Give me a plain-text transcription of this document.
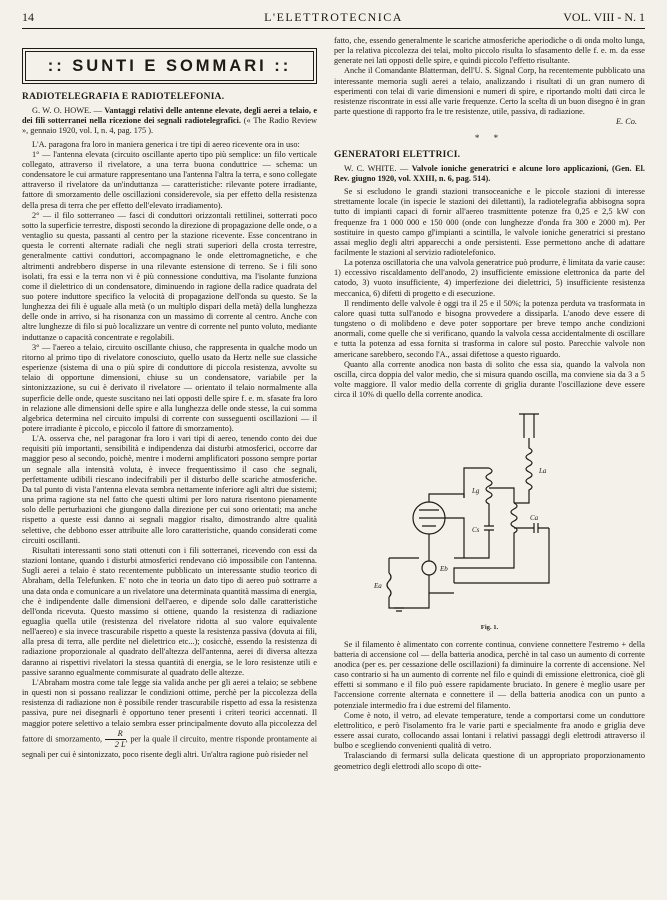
14	L'ELETTROTECNICA	VOL. VIII - N. 1
:: SUNTI E SOMMARI ::
RADIOTELEGRAFIA E RADIOTELEFONIA.

G. W. O. HOWE. — Vantaggi relativi delle antenne elevate, degli aerei a telaio, e dei fili sotterranei nella ricezione dei segnali radiotelegrafici. (« The Radio Review », gennaio 1920, vol. I, n. 4, pag. 175 ).

L'A. paragona fra loro in maniera generica i tre tipi di aereo ricevente ora in uso:

1° — l'antenna elevata (circuito oscillante aperto tipo più semplice: un filo verticale collegato, attraverso il rivelatore, a una terra buona conduttrice — schema: un condensatore le cui armature rappresentano una l'antenna l'altra la terra, e sono collegate attraverso il rivelatore da un'induttanza — caratteristiche: rilevante potere irradiante, fattore di smorzamento delle oscillazioni considerevole, sia per effetto della resistenza della presa di terra che per effetto dell'elevato irradiamento).

2° — il filo sotterraneo — fasci di conduttori orizzontali rettilinei, sotterrati poco sotto la superficie terrestre, disposti secondo la direzione di propagazione delle onde, o a ventaglio su questa, passanti al centro per la stazione ricevente. Esse concentrano in questa le correnti alternate radiali che negli strati superiori della crosta terrestre, generalmente cattivi conduttori, accompagnano le onde elettromagnetiche, e che altrimenti andrebbero disperse in una rilevante estensione di terreno. Se i fili sono isolati, fra essi e la terra non vi è più connessione conduttiva, ma l'isolante funziona come il dielettrico di un condensatore, diminuendo in ragione della radice quadrata del suo potere induttore specifico la velocità di propagazione dell'onda su questo. Se la lunghezza dei fili è uguale alla metà (o un multiplo dispari della metà) della lunghezza delle onde in arrivo, si ha risonanza con un massimo di corrente al centro. Anche con altre lunghezze di filo si può localizzare un ventre di corrente nel punto voluto, mediante induttanze o capacità concentrate e regolabili.

3° — l'aereo a telaio, circuito oscillante chiuso, che rappresenta in qualche modo un ritorno al primo tipo di rivelatore conosciuto, quello usato da Hertz nelle sue classiche esperienze (sistema di una o più spire di conduttore di piccola resistenza, avvolte su telaio di opportune dimensioni, chiuse su un condensatore, variabile per la sintonizzazione, su cui è derivato il rivelatore — orientato il telaio normalmente alla superficie delle onde, queste suscitano nei lati opposti delle spire f. e. m. sfasate fra loro in relazione alle dimensioni delle spire e alla lunghezza delle onde stesse, la cui somma algebrica determina nel circuito impulsi di corrente con susseguenti oscillazioni — il potere irradiante è piccolo, e piccolo il fattore di smorzamento).

L'A. osserva che, nel paragonar fra loro i vari tipi di aereo, tenendo conto dei due requisiti più importanti, sensibilità e indipendenza dai disturbi atmosferici, occorre dar maggior peso al secondo, poichè, mentre i moderni amplificatori possono sempre portar un segnale alla intensità voluta, è invece frequentissimo il caso che segnali, perfettamente udibili riescano indecifrabili per il disturbo delle scariche atmosferiche. Da tal punto di vista l'antenna elevata sembra nettamente inferiore agli altri due sistemi; una prima ragione sta nel fatto che questi ultimi per loro natura risentono pienamente solo delle perturbazioni che giungono dalla direzione per cui sono orientati; ma anche rispetto a queste essi danno ai segnali maggior risalto, dimostrando altre qualità selettive, che debbono esser attribuite alle loro caratteristiche, quando considerati come circuiti oscillanti.

Risultati interessanti sono stati ottenuti con i fili sotterranei, ricevendo con essi da stazioni lontane, quando i disturbi atmosferici rendevano ciò impossibile con l'antenna. Sugli aerei a telaio è stato recentemente pubblicato un interessante studio teorico di Abraham, della Telefunken. E' noto che in teoria un dato tipo di aereo può sottrarre a una data onda e comunicare a un rivelatore una determinata quantità massima di energia, che è indipendente dalle dimensioni dell'aereo, e dipende solo dalle caratteristiche dell'onda ricevuta. Questo massimo si ottiene, quando la resistenza di radiazione eguaglia quella utile (resistenza del rivelatore ridotta al suo valore equivalente nell'aereo) e sia invece trascurabile rispetto a queste la resistenza passiva (dovuta ai fili, alla presa di terra, alle perdite nel dielettrico etc...); cosicchè, essendo la resistenza di radiazione proporzionale al quadrato dell'altezza dell'antenna, aerei di diversa altezza daranno ai rispettivi rivelatori la stessa quantità di energia, se le loro resistenze utili e passive saranno egualmente commisurate al quadrato delle altezze.

L'Abraham mostra come tale legge sia valida anche per gli aerei a telaio; se sebbene in questi non si possano realizzar le condizioni ottime, perchè per la piccolezza della resistenza di radiazione non è possibile render trascurabile rispetto ad essa la resistenza passiva, pure nei disegnarli è opportuno tener presenti i criteri teorici accennati. Il maggior potere selettivo a telaio sembra esser principalmente dovuto alla piccolezza del fattore di smorzamento, $\frac{R}{2 L}$ , per la quale il circuito, mentre risponde prontamente ai segnali per cui è sintonizzato, poco risente degli altri. Un'altra ragione può risieder nel

fatto, che, essendo generalmente le scariche atmosferiche aperiodiche o di onda molto lunga, per la relativa piccolezza dei telai, molto piccolo risulta lo sfasamento delle f. e. m. da esse generate nei lati opposti delle spire, e quindi piccolo l'effetto risultante.

Anche il Comandante Blatterman, dell'U. S. Signal Corp, ha recentemente pubblicato una interessante memoria sugli aerei a telaio, analizzando i risultati di un gran numero di esperimenti con telai di varie dimensioni e numeri di spire, e riportando molti dati circa le resistenze riscontrate in essi alle varie frequenze. Certo la scelta di un buon disegno è in gran parte questione di rapporto fra le tre resistenze, utile, passiva, di radiazione.

E. Co.
* *
GENERATORI ELETTRICI.

W. C. WHITE. — Valvole ioniche generatrici e alcune loro applicazioni, (Gen. El. Rev. giugno 1920, vol. XXIII, n. 6, pag. 514).

Se si escludono le grandi stazioni transoceaniche e le piccole stazioni di interesse strettamente locale (in ispecie le stazioni dei dilettanti), la radiotelegrafia abbisogna sopra tutto di impianti capaci di fornir all'aereo trasmittente potenze fra 0,25 e 2,5 kW con frequenze fra 1 000 000 e 150 000 (onde con lunghezze d'onda fra 300 e 2000 m). Per sostituire in questo campo gl'impianti a scintilla, le valvole ioniche generatrici si prestano assai meglio degli altri apparecchi a onde persistenti. Esse permettono anche di adattare facilmente le stazioni al servizio radiotelefonico.

La potenza oscillatoria che una valvola generatrice può produrre, è limitata da varie cause: 1) eccessivo riscaldamento dell'anodo, 2) insufficiente emissione elettronica da parte del catodo, 3) vuoto insufficiente, 4) imperfezione dei dielettrici, 5) insufficiente resistenza meccanica, 6) difetti di progetto e di esecuzione.

Il rendimento delle valvole è oggi tra il 25 e il 50%; la potenza perduta va trasformata in calore quasi tutta sull'anodo e bisogna provvedere a dissiparla. L'anodo deve essere di tungsteno o di molibdeno e deve poter sopportare per breve tempo anche condizioni anormali, come quelle che si verificano, quando la valvola cessa accidentalmente di oscillare e tutta la potenza ad essa fornita si trasforma in calore sul posto. Parecchie valvole non americane sarebbero, secondo l'A., assai difettose a questo riguardo.

Quanto alla corrente anodica non basta di solito che essa sia, quando la valvola non oscilla, circa doppia del valor medio, che si misura quando oscilla, ma conviene sia da 3 a 5 volte maggiore. Il valor medio della corrente di griglia durante l'oscillazione deve essere circa il 10% di quello della corrente anodica.

La
Lg
Cs
Ca
Eb
Ea
Fig. 1.

Se il filamento è alimentato con corrente continua, conviene connettere l'estremo + della batteria di accensione col — della batteria anodica, perchè in tal caso un aumento di corrente anodica (per es. per cessazione delle oscillazioni) fa diminuire la corrente di accensione. Nel caso contrario si ha un aumento di corrente nel filo e quindi di emissione elettronica, cioè gli effetti si sommano e il filo può essere rapidamente bruciato. In genere è meglio usare per l'accensione corrente alternata e connettere il — della batteria anodica con un punto a potenziale intermedio fra i due estremi del filamento.

Come è noto, il vetro, ad elevate temperature, tende a comportarsi come un conduttore elettrolitico, e però l'isolamento fra le varie parti e specialmente fra anodo e griglia deve essere assai curato, collocando assai lontani i relativi passaggi degli elettrodi attraverso il bulbo e scegliendo convenienti qualità di vetro.

Tralasciando di fermarsi sulla delicata questione di un appropriato proporzionamento geometrico degli elettrodi allo scopo di otte-
